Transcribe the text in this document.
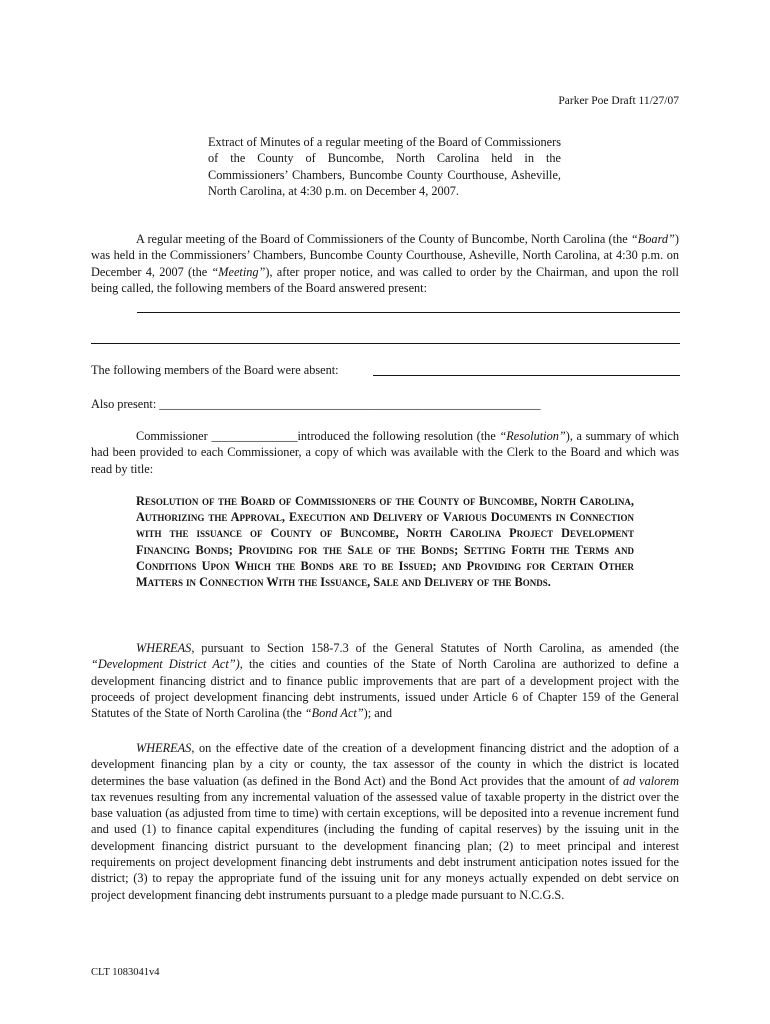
Parker Poe Draft 11/27/07
Extract of Minutes of a regular meeting of the Board of Commissioners of the County of Buncombe, North Carolina held in the Commissioners’ Chambers, Buncombe County Courthouse, Asheville, North Carolina, at 4:30 p.m. on December 4, 2007.
A regular meeting of the Board of Commissioners of the County of Buncombe, North Carolina (the “Board”) was held in the Commissioners’ Chambers, Buncombe County Courthouse, Asheville, North Carolina, at 4:30 p.m. on December 4, 2007 (the “Meeting”), after proper notice, and was called to order by the Chairman, and upon the roll being called, the following members of the Board answered present:
The following members of the Board were absent:
Also present: ______________________________________________________________
Commissioner ______________introduced the following resolution (the “Resolution”), a summary of which had been provided to each Commissioner, a copy of which was available with the Clerk to the Board and which was read by title:
Resolution of the Board of Commissioners of the County of Buncombe, North Carolina, Authorizing the Approval, Execution and Delivery of Various Documents in Connection with the issuance of County of Buncombe, North Carolina Project Development Financing Bonds; Providing for the Sale of the Bonds; Setting Forth the Terms and Conditions Upon Which the Bonds are to be Issued; and Providing for Certain Other Matters in Connection With the Issuance, Sale and Delivery of the Bonds.
WHEREAS, pursuant to Section 158-7.3 of the General Statutes of North Carolina, as amended (the “Development District Act”), the cities and counties of the State of North Carolina are authorized to define a development financing district and to finance public improvements that are part of a development project with the proceeds of project development financing debt instruments, issued under Article 6 of Chapter 159 of the General Statutes of the State of North Carolina (the “Bond Act”); and
WHEREAS, on the effective date of the creation of a development financing district and the adoption of a development financing plan by a city or county, the tax assessor of the county in which the district is located determines the base valuation (as defined in the Bond Act) and the Bond Act provides that the amount of ad valorem tax revenues resulting from any incremental valuation of the assessed value of taxable property in the district over the base valuation (as adjusted from time to time) with certain exceptions, will be deposited into a revenue increment fund and used (1) to finance capital expenditures (including the funding of capital reserves) by the issuing unit in the development financing district pursuant to the development financing plan; (2) to meet principal and interest requirements on project development financing debt instruments and debt instrument anticipation notes issued for the district; (3) to repay the appropriate fund of the issuing unit for any moneys actually expended on debt service on project development financing debt instruments pursuant to a pledge made pursuant to N.C.G.S.
CLT 1083041v4
